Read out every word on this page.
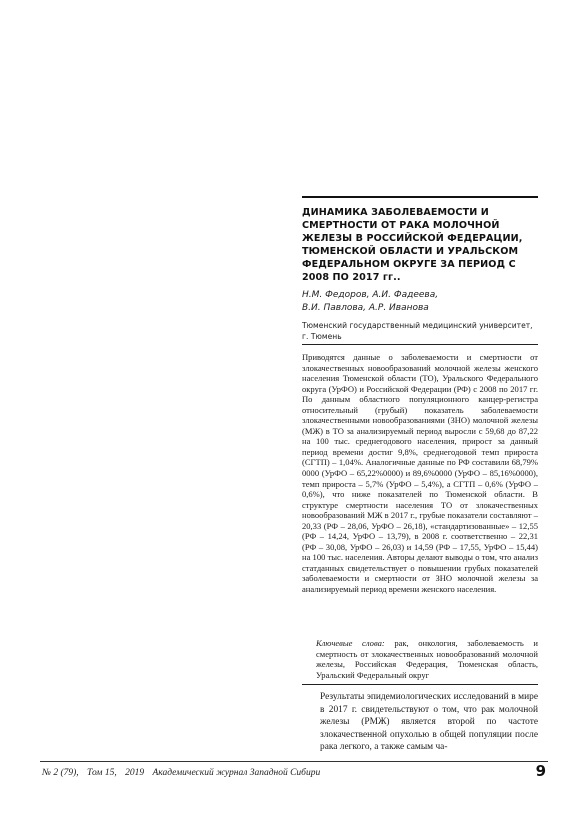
ДИНАМИКА ЗАБОЛЕВАЕМОСТИ И СМЕРТНОСТИ ОТ РАКА МОЛОЧНОЙ ЖЕЛЕЗЫ В РОССИЙСКОЙ ФЕДЕРАЦИИ, ТЮМЕНСКОЙ ОБЛАСТИ И УРАЛЬСКОМ ФЕДЕРАЛЬНОМ ОКРУГЕ ЗА ПЕРИОД С 2008 ПО 2017 гг..
Н.М. Федоров, А.И. Фадеева,
В.И. Павлова, А.Р. Иванова
Тюменский государственный медицинский университет,
г. Тюмень

Приводятся данные о заболеваемости и смертности от злокачественных новообразований молочной железы женского населения Тюменской области (ТО), Уральского Федерального округа (УрФО) и Российской Федерации (РФ) с 2008 по 2017 гг. По данным областного популяционного канцер-регистра относительный (грубый) показатель заболеваемости злокачественными новообразованиями (ЗНО) молочной железы (МЖ) в ТО за анализируемый период выросли с 59,68 до 87,22 на 100 тыс. среднегодового населения, прирост за данный период времени достиг 9,8%, среднегодовой темп прироста (СГТП) – 1,04%. Аналогичные данные по РФ составили 68,79% 0000 (УрФО – 65,22%0000) и 89,6%0000 (УрФО – 85,16%0000), темп прироста – 5,7% (УрФО – 5,4%), а СГТП – 0,6% (УрФО – 0,6%), что ниже показателей по Тюменской области. В структуре смертности населения ТО от злокачественных новообразований МЖ в 2017 г., грубые показатели составляют – 20,33 (РФ – 28,06, УрФО – 26,18), «стандартизованные» – 12,55 (РФ – 14,24, УрФО – 13,79), в 2008 г. соответственно – 22,31 (РФ – 30,08, УрФО – 26,03) и 14,59 (РФ – 17,55, УрФО – 15,44) на 100 тыс. населения. Авторы делают выводы о том, что анализ статданных свидетельствует о повышении грубых показателей заболеваемости и смертности от ЗНО молочной железы за анализируемый период времени женского населения.

Ключевые слова: рак, онкология, заболеваемость и смертность от злокачественных новообразований молочной железы, Российская Федерация, Тюменская область, Уральский Федеральный округ
Результаты эпидемиологических исследований в мире в 2017 г. свидетельствуют о том, что рак молочной железы (РМЖ) является второй по частоте злокачественной опухолью в общей популяции после рака легкого, а также самым ча-
№ 2 (79), Том 15, 2019 Академический журнал Западной Сибири	9
